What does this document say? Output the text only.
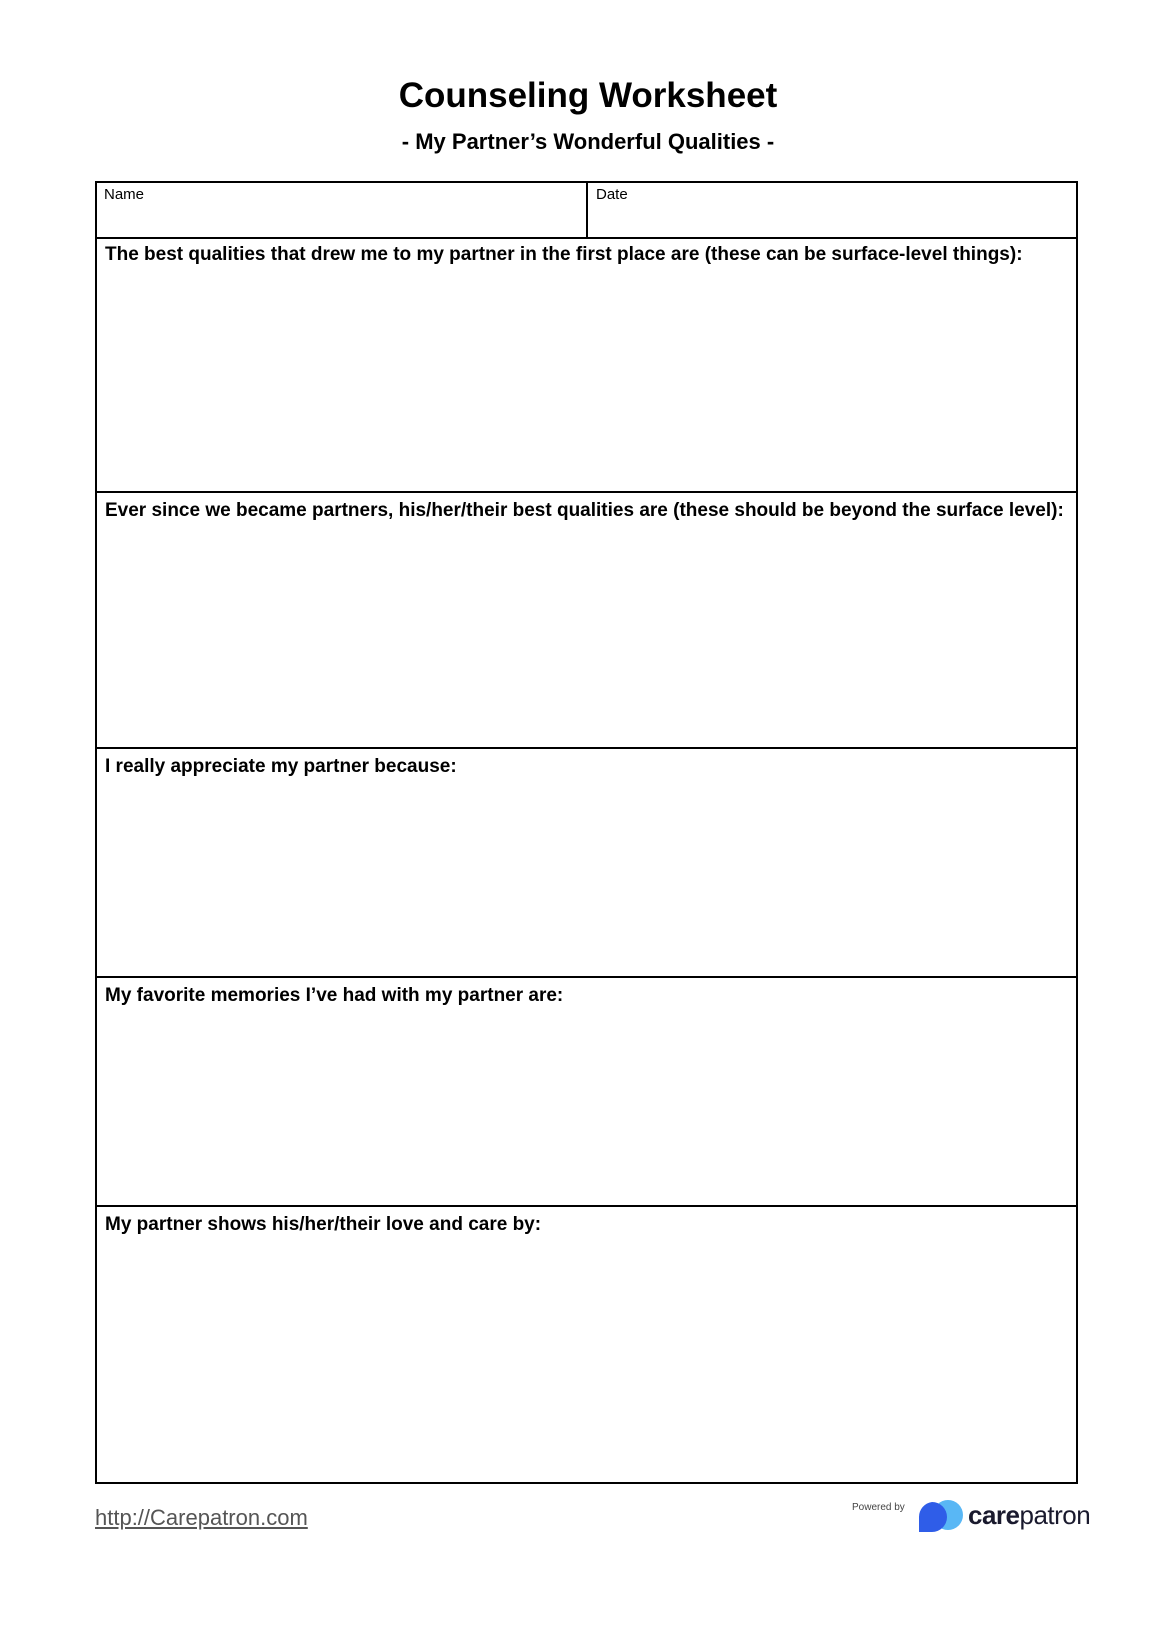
Counseling Worksheet
- My Partner’s Wonderful Qualities -
Name	Date
The best qualities that drew me to my partner in the first place are (these can be surface-level things):
Ever since we became partners, his/her/their best qualities are (these should be beyond the surface level):
I really appreciate my partner because:
My favorite memories I’ve had with my partner are:
My partner shows his/her/their love and care by:
http://Carepatron.com	Powered by carepatron
